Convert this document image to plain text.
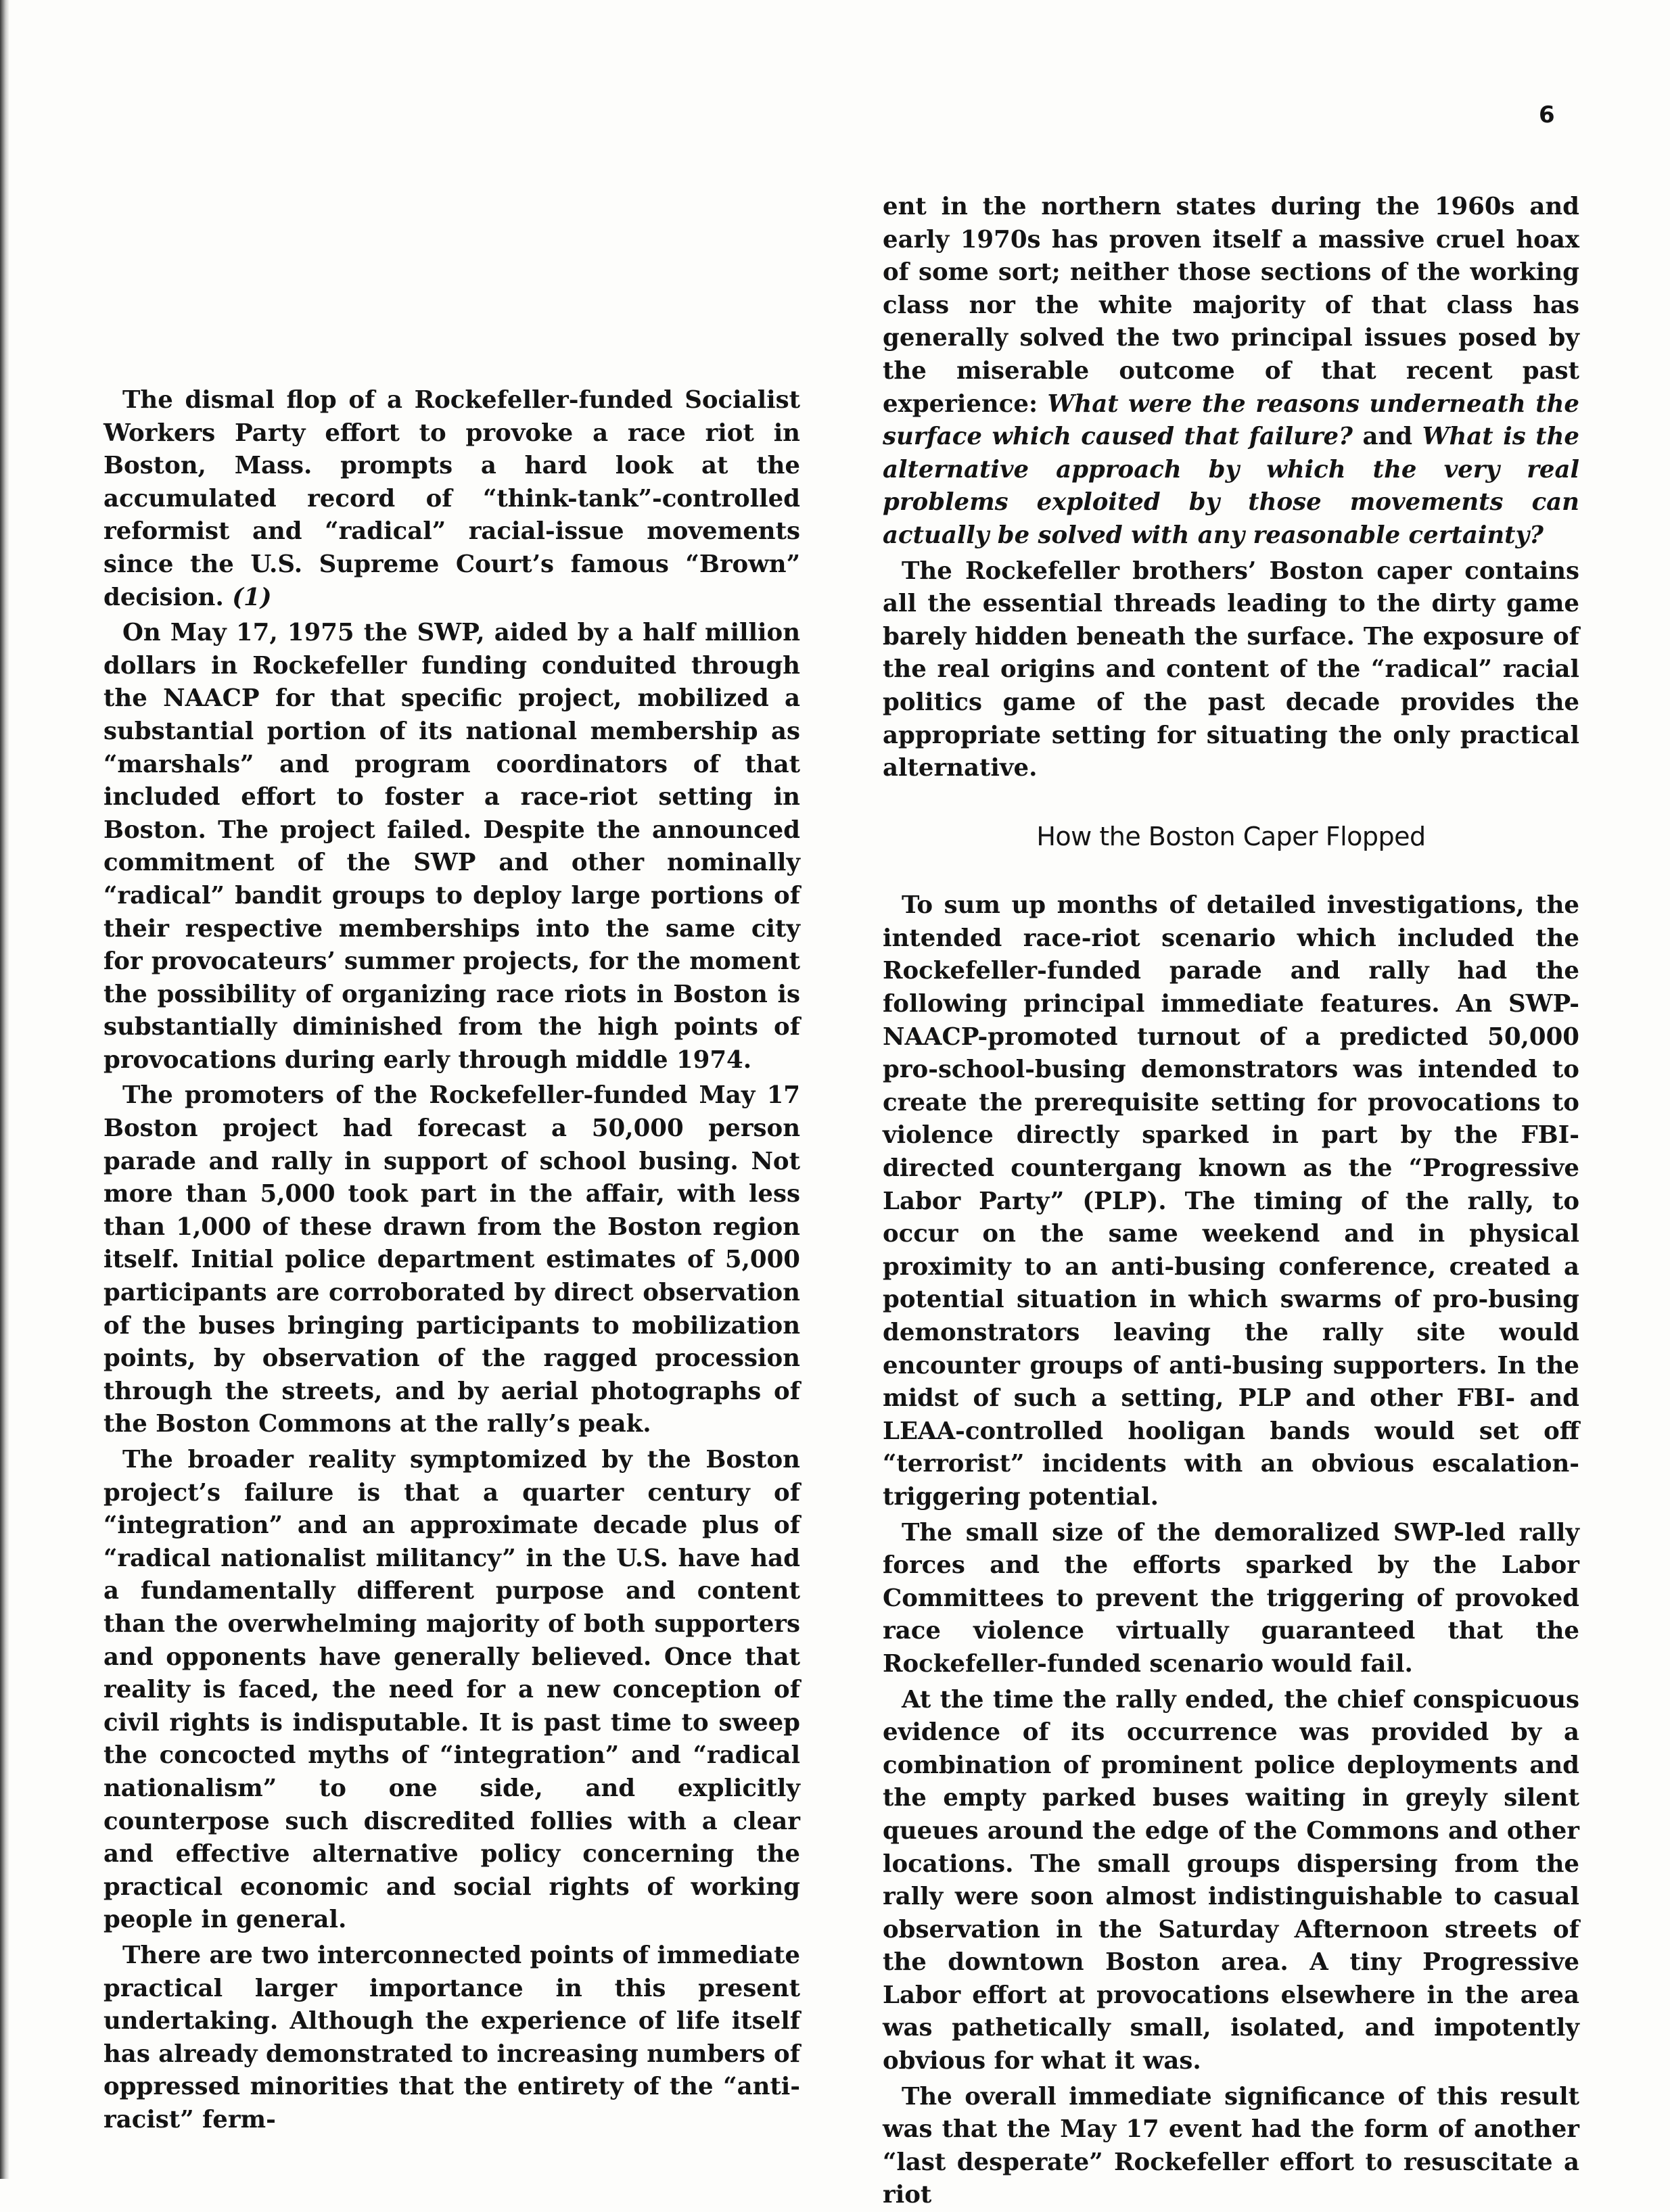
6

The dismal flop of a Rockefeller-funded Socialist Workers Party effort to provoke a race riot in Boston, Mass. prompts a hard look at the accumulated record of “think-tank”-controlled reformist and “radical” racial-issue movements since the U.S. Supreme Court’s famous “Brown” decision. (1)

On May 17, 1975 the SWP, aided by a half million dollars in Rockefeller funding conduited through the NAACP for that specific project, mobilized a substantial portion of its national membership as “marshals” and program coordinators of that included effort to foster a race-riot setting in Boston. The project failed. Despite the announced commitment of the SWP and other nominally “radical” bandit groups to deploy large portions of their respective memberships into the same city for provocateurs’ summer projects, for the moment the possibility of organizing race riots in Boston is substantially diminished from the high points of provocations during early through middle 1974.

The promoters of the Rockefeller-funded May 17 Boston project had forecast a 50,000 person parade and rally in support of school busing. Not more than 5,000 took part in the affair, with less than 1,000 of these drawn from the Boston region itself. Initial police department estimates of 5,000 participants are corroborated by direct observation of the buses bringing participants to mobilization points, by observation of the ragged procession through the streets, and by aerial photographs of the Boston Commons at the rally’s peak.

The broader reality symptomized by the Boston project’s failure is that a quarter century of “integration” and an approximate decade plus of “radical nationalist militancy” in the U.S. have had a fundamentally different purpose and content than the overwhelming majority of both supporters and opponents have generally believed. Once that reality is faced, the need for a new conception of civil rights is indisputable. It is past time to sweep the concocted myths of “integration” and “radical nationalism” to one side, and explicitly counterpose such discredited follies with a clear and effective alternative policy concerning the practical economic and social rights of working people in general.

There are two interconnected points of immediate practical larger importance in this present undertaking. Although the experience of life itself has already demonstrated to increasing numbers of oppressed minorities that the entirety of the “anti-racist” ferm-

ent in the northern states during the 1960s and early 1970s has proven itself a massive cruel hoax of some sort; neither those sections of the working class nor the white majority of that class has generally solved the two principal issues posed by the miserable outcome of that recent past experience: What were the reasons underneath the surface which caused that failure? and What is the alternative approach by which the very real problems exploited by those movements can actually be solved with any reasonable certainty?

The Rockefeller brothers’ Boston caper contains all the essential threads leading to the dirty game barely hidden beneath the surface. The exposure of the real origins and content of the “radical” racial politics game of the past decade provides the appropriate setting for situating the only practical alternative.

How the Boston Caper Flopped

To sum up months of detailed investigations, the intended race-riot scenario which included the Rockefeller-funded parade and rally had the following principal immediate features. An SWP-NAACP-promoted turnout of a predicted 50,000 pro-school-busing demonstrators was intended to create the prerequisite setting for provocations to violence directly sparked in part by the FBI-directed countergang known as the “Progressive Labor Party” (PLP). The timing of the rally, to occur on the same weekend and in physical proximity to an anti-busing conference, created a potential situation in which swarms of pro-busing demonstrators leaving the rally site would encounter groups of anti-busing supporters. In the midst of such a setting, PLP and other FBI- and LEAA-controlled hooligan bands would set off “terrorist” incidents with an obvious escalation-triggering potential.

The small size of the demoralized SWP-led rally forces and the efforts sparked by the Labor Committees to prevent the triggering of provoked race violence virtually guaranteed that the Rockefeller-funded scenario would fail.

At the time the rally ended, the chief conspicuous evidence of its occurrence was provided by a combination of prominent police deployments and the empty parked buses waiting in greyly silent queues around the edge of the Commons and other locations. The small groups dispersing from the rally were soon almost indistinguishable to casual observation in the Saturday Afternoon streets of the downtown Boston area. A tiny Progressive Labor effort at provocations elsewhere in the area was pathetically small, isolated, and impotently obvious for what it was.

The overall immediate significance of this result was that the May 17 event had the form of another “last desperate” Rockefeller effort to resuscitate a riot
